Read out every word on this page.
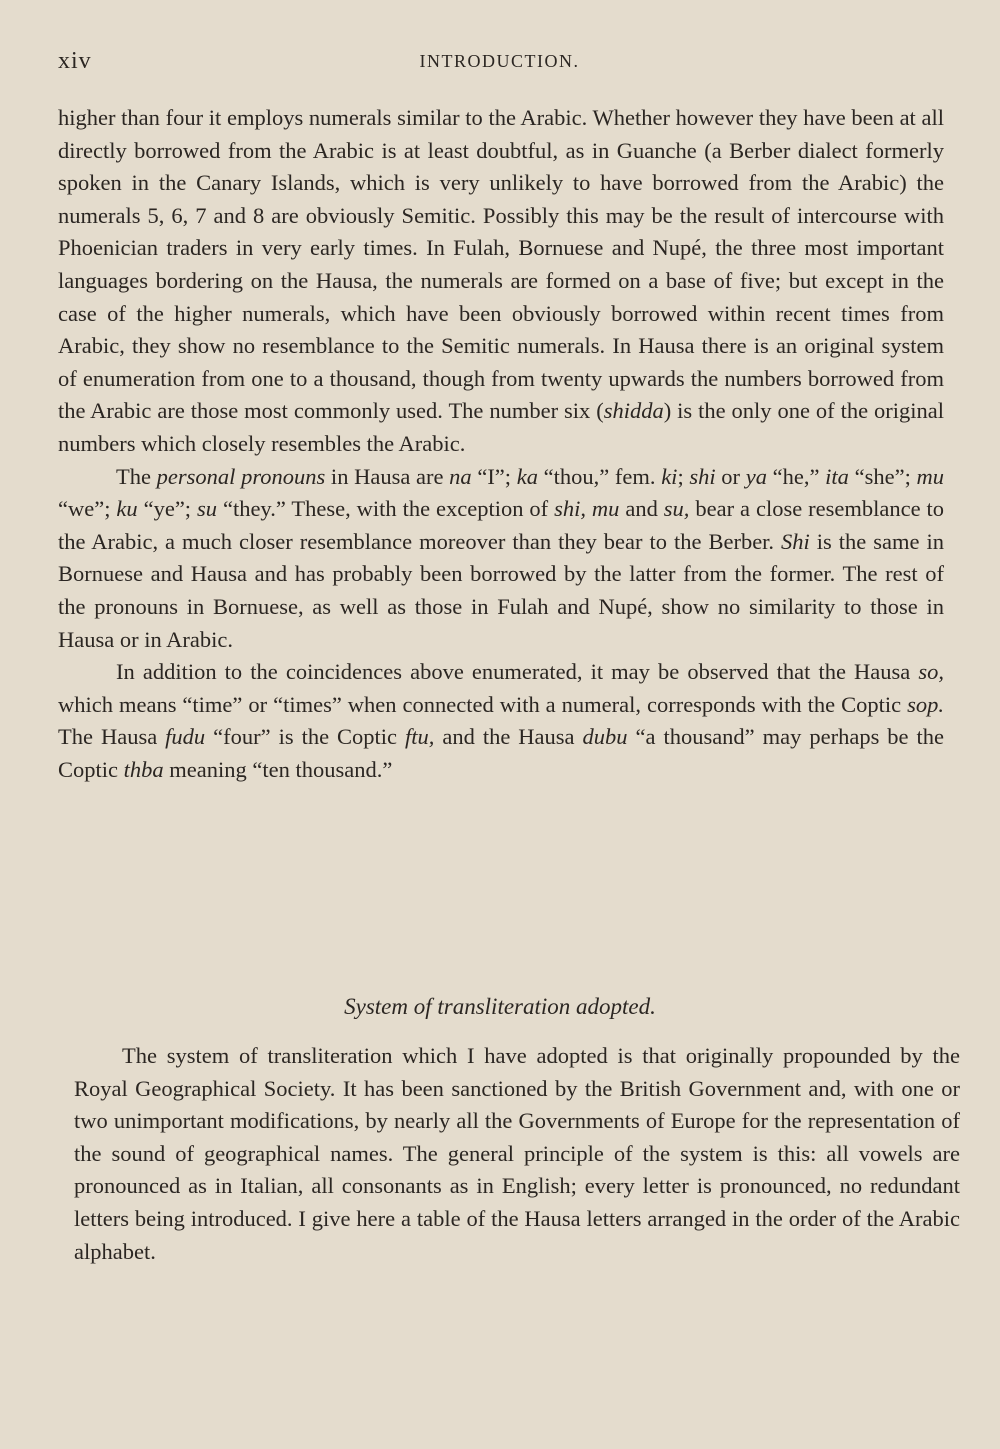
xiv	INTRODUCTION.

higher than four it employs numerals similar to the Arabic. Whether however they have been at all directly borrowed from the Arabic is at least doubtful, as in Guanche (a Berber dialect formerly spoken in the Canary Islands, which is very unlikely to have borrowed from the Arabic) the numerals 5, 6, 7 and 8 are obviously Semitic. Possibly this may be the result of intercourse with Phoenician traders in very early times. In Fulah, Bornuese and Nupé, the three most important languages bordering on the Hausa, the numerals are formed on a base of five; but except in the case of the higher numerals, which have been obviously borrowed within recent times from Arabic, they show no resemblance to the Semitic numerals. In Hausa there is an original system of enumeration from one to a thousand, though from twenty upwards the numbers borrowed from the Arabic are those most commonly used. The number six (shidda) is the only one of the original numbers which closely resembles the Arabic.

The personal pronouns in Hausa are na “I”; ka “thou,” fem. ki; shi or ya “he,” ita “she”; mu “we”; ku “ye”; su “they.” These, with the exception of shi, mu and su, bear a close resemblance to the Arabic, a much closer resemblance moreover than they bear to the Berber. Shi is the same in Bornuese and Hausa and has probably been borrowed by the latter from the former. The rest of the pronouns in Bornuese, as well as those in Fulah and Nupé, show no similarity to those in Hausa or in Arabic.

In addition to the coincidences above enumerated, it may be observed that the Hausa so, which means “time” or “times” when connected with a numeral, corresponds with the Coptic sop. The Hausa fudu “four” is the Coptic ftu, and the Hausa dubu “a thousand” may perhaps be the Coptic thba meaning “ten thousand.”

System of transliteration adopted.

The system of transliteration which I have adopted is that originally propounded by the Royal Geographical Society. It has been sanctioned by the British Government and, with one or two unimportant modifications, by nearly all the Governments of Europe for the representation of the sound of geographical names. The general principle of the system is this: all vowels are pronounced as in Italian, all consonants as in English; every letter is pronounced, no redundant letters being introduced. I give here a table of the Hausa letters arranged in the order of the Arabic alphabet.
